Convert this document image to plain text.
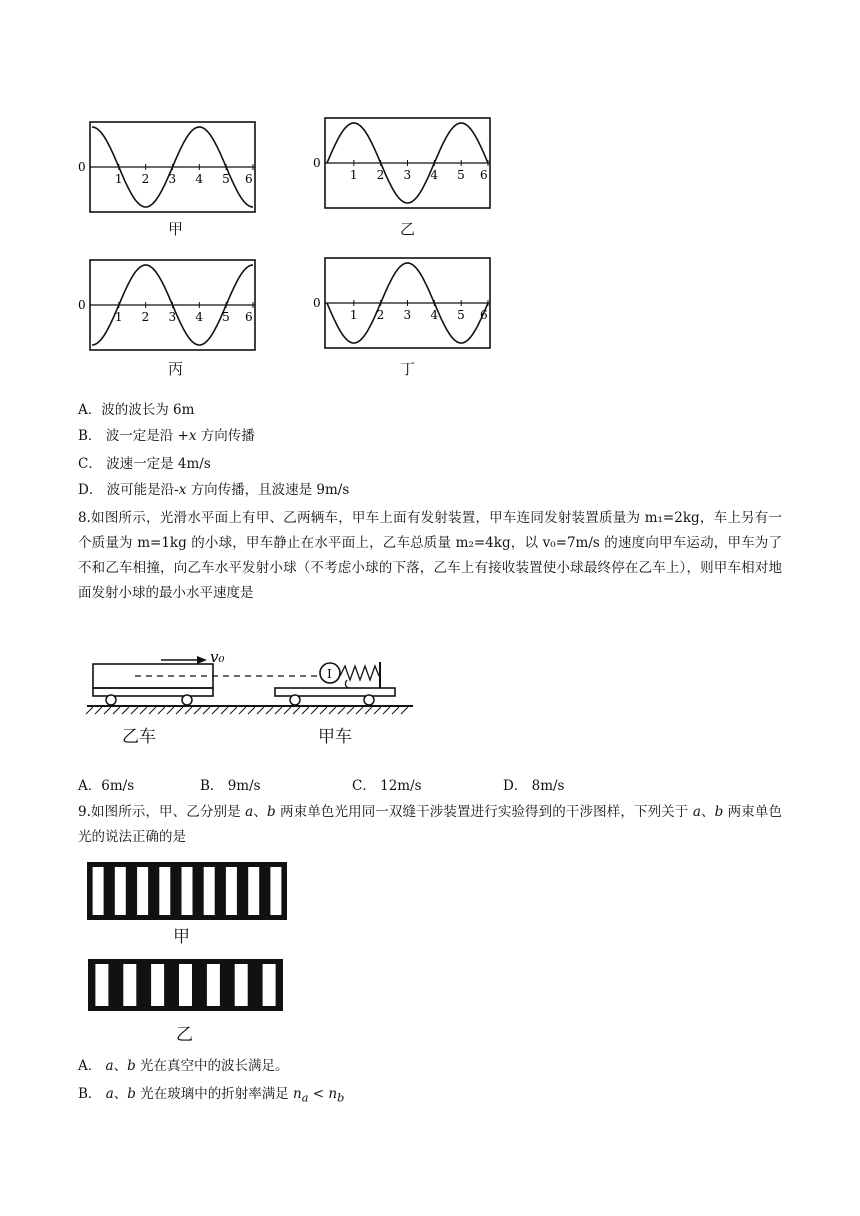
0
1 2 3 4 5 6
0
1 2 3 4 5 6
0
1 2 3 4 5 6
0
1 2 3 4 5 6
甲	乙
丙	丁
A．波的波长为 6m
B． 波一定是沿 +x 方向传播
C． 波速一定是 4m/s
D． 波可能是沿-x 方向传播，且波速是 9m/s
8.如图所示，光滑水平面上有甲、乙两辆车，甲车上面有发射装置，甲车连同发射装置质量为 m₁=2kg，车上另有一个质量为 m=1kg 的小球，甲车静止在水平面上，乙车总质量 m₂=4kg，以 v₀=7m/s 的速度向甲车运动，甲车为了不和乙车相撞，向乙车水平发射小球（不考虑小球的下落，乙车上有接收装置使小球最终停在乙车上），则甲车相对地面发射小球的最小水平速度是
v₀
I
乙车	甲车
A．6m/s	B． 9m/s	C． 12m/s	D． 8m/s
9.如图所示，甲、乙分别是 a、b 两束单色光用同一双缝干涉装置进行实验得到的干涉图样，下列关于 a、b 两束单色光的说法正确的是
甲
乙
A． a、b 光在真空中的波长满足。
B． a、b 光在玻璃中的折射率满足 $n_a < n_b$
